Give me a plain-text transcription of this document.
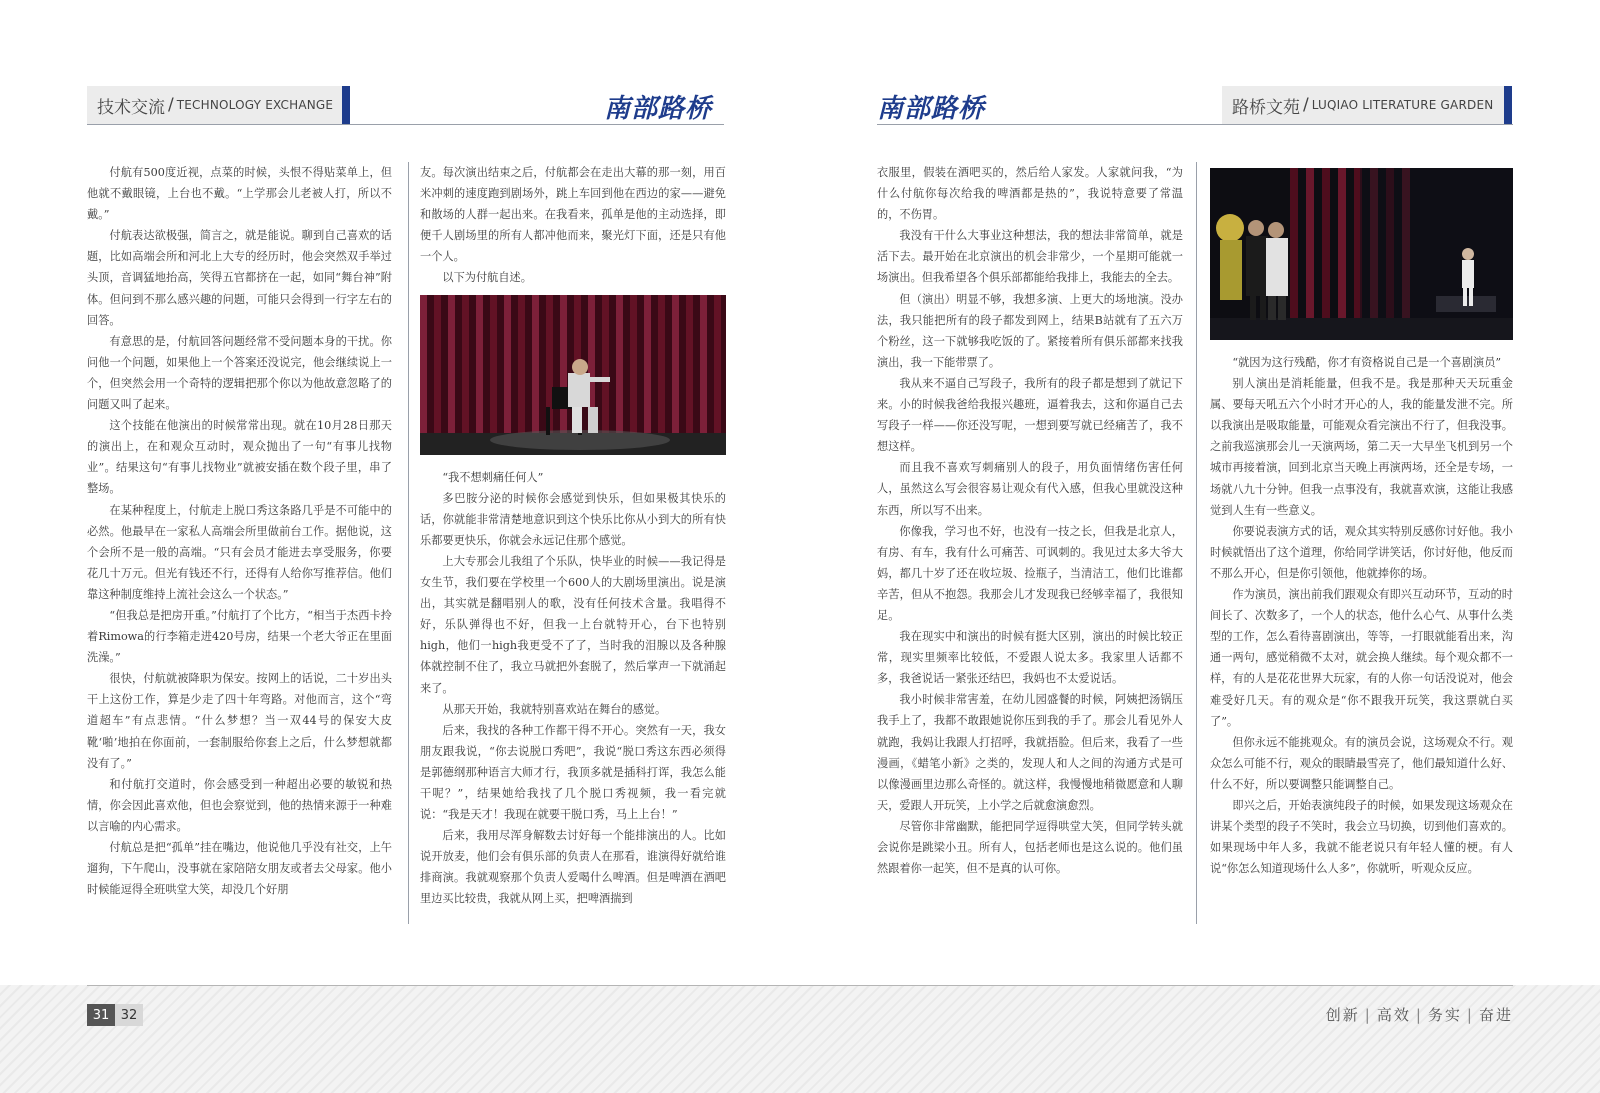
技术交流 / TECHNOLOGY EXCHANGE	南部路桥

付航有500度近视，点菜的时候，头恨不得贴菜单上，但他就不戴眼镜，上台也不戴。“上学那会儿老被人打，所以不戴。”

付航表达欲极强，简言之，就是能说。聊到自己喜欢的话题，比如高端会所和河北上大专的经历时，他会突然双手举过头顶，音调猛地抬高，笑得五官都挤在一起，如同“舞台神”附体。但问到不那么感兴趣的问题，可能只会得到一行字左右的回答。

有意思的是，付航回答问题经常不受问题本身的干扰。你问他一个问题，如果他上一个答案还没说完，他会继续说上一个，但突然会用一个奇特的逻辑把那个你以为他故意忽略了的问题又叫了起来。

这个技能在他演出的时候常常出现。就在10月28日那天的演出上，在和观众互动时，观众抛出了一句“有事儿找物业”。结果这句“有事儿找物业”就被安插在数个段子里，串了整场。

在某种程度上，付航走上脱口秀这条路几乎是不可能中的必然。他最早在一家私人高端会所里做前台工作。据他说，这个会所不是一般的高端。“只有会员才能进去享受服务，你要花几十万元。但光有钱还不行，还得有人给你写推荐信。他们靠这种制度维持上流社会这么一个状态。”

“但我总是把房开重。”付航打了个比方，“相当于杰西卡拎着Rimowa的行李箱走进420号房，结果一个老大爷正在里面洗澡。”

很快，付航就被降职为保安。按网上的话说，二十岁出头干上这份工作，算是少走了四十年弯路。对他而言，这个“弯道超车”有点悲情。“什么梦想？当一双44号的保安大皮靴‘啪’地拍在你面前，一套制服给你套上之后，什么梦想就都没有了。”

和付航打交道时，你会感受到一种超出必要的敏锐和热情，你会因此喜欢他，但也会察觉到，他的热情来源于一种难以言喻的内心需求。

付航总是把“孤单”挂在嘴边，他说他几乎没有社交，上午遛狗，下午爬山，没事就在家陪陪女朋友或者去父母家。他小时候能逗得全班哄堂大笑，却没几个好朋

友。每次演出结束之后，付航都会在走出大幕的那一刻，用百米冲刺的速度跑到剧场外，跳上车回到他在西边的家——避免和散场的人群一起出来。在我看来，孤单是他的主动选择，即便千人剧场里的所有人都冲他而来，聚光灯下面，还是只有他一个人。

以下为付航自述。

“我不想刺痛任何人”

多巴胺分泌的时候你会感觉到快乐，但如果极其快乐的话，你就能非常清楚地意识到这个快乐比你从小到大的所有快乐都要更快乐，你就会永远记住那个感觉。

上大专那会儿我组了个乐队，快毕业的时候——我记得是女生节，我们要在学校里一个600人的大剧场里演出。说是演出，其实就是翻唱别人的歌，没有任何技术含量。我唱得不好，乐队弹得也不好，但我一上台就特开心，台下也特别high，他们一high我更受不了了，当时我的泪腺以及各种腺体就控制不住了，我立马就把外套脱了，然后掌声一下就涌起来了。

从那天开始，我就特别喜欢站在舞台的感觉。

后来，我找的各种工作都干得不开心。突然有一天，我女朋友跟我说，“你去说脱口秀吧”，我说“脱口秀这东西必须得是郭德纲那种语言大师才行，我顶多就是插科打诨，我怎么能干呢？”，结果她给我找了几个脱口秀视频，我一看完就说：“我是天才！我现在就要干脱口秀，马上上台！”

后来，我用尽浑身解数去讨好每一个能排演出的人。比如说开放麦，他们会有俱乐部的负责人在那看，谁演得好就给谁排商演。我就观察那个负责人爱喝什么啤酒。但是啤酒在酒吧里边买比较贵，我就从网上买，把啤酒揣到

南部路桥	路桥文苑 / LUQIAO LITERATURE GARDEN

衣服里，假装在酒吧买的，然后给人家发。人家就问我，“为什么付航你每次给我的啤酒都是热的”，我说特意要了常温的，不伤胃。

我没有干什么大事业这种想法，我的想法非常简单，就是活下去。最开始在北京演出的机会非常少，一个星期可能就一场演出。但我希望各个俱乐部都能给我排上，我能去的全去。

但（演出）明显不够，我想多演、上更大的场地演。没办法，我只能把所有的段子都发到网上，结果B站就有了五六万个粉丝，这一下就够我吃饭的了。紧接着所有俱乐部都来找我演出，我一下能带票了。

我从来不逼自己写段子，我所有的段子都是想到了就记下来。小的时候我爸给我报兴趣班，逼着我去，这和你逼自己去写段子一样——你还没写呢，一想到要写就已经痛苦了，我不想这样。

而且我不喜欢写刺痛别人的段子，用负面情绪伤害任何人，虽然这么写会很容易让观众有代入感，但我心里就没这种东西，所以写不出来。

你像我，学习也不好，也没有一技之长，但我是北京人，有房、有车，我有什么可痛苦、可讽刺的。我见过太多大爷大妈，都几十岁了还在收垃圾、捡瓶子，当清洁工，他们比谁都辛苦，但从不抱怨。我那会儿才发现我已经够幸福了，我很知足。

我在现实中和演出的时候有挺大区别，演出的时候比较正常，现实里频率比较低，不爱跟人说太多。我家里人话都不多，我爸说话一紧张还结巴，我妈也不太爱说话。

我小时候非常害羞，在幼儿园盛餐的时候，阿姨把汤锅压我手上了，我都不敢跟她说你压到我的手了。那会儿看见外人就跑，我妈让我跟人打招呼，我就捂脸。但后来，我看了一些漫画，《蜡笔小新》之类的，发现人和人之间的沟通方式是可以像漫画里边那么奇怪的。就这样，我慢慢地稍微愿意和人聊天，爱跟人开玩笑，上小学之后就愈演愈烈。

尽管你非常幽默，能把同学逗得哄堂大笑，但同学转头就会说你是跳梁小丑。所有人，包括老师也是这么说的。他们虽然跟着你一起笑，但不是真的认可你。

“就因为这行残酷，你才有资格说自己是一个喜剧演员”

别人演出是消耗能量，但我不是。我是那种天天玩重金属、要每天吼五六个小时才开心的人，我的能量发泄不完。所以我演出是吸取能量，可能观众看完演出不行了，但我没事。之前我巡演那会儿一天演两场，第二天一大早坐飞机到另一个城市再接着演，回到北京当天晚上再演两场，还全是专场，一场就八九十分钟。但我一点事没有，我就喜欢演，这能让我感觉到人生有一些意义。

你要说表演方式的话，观众其实特别反感你讨好他。我小时候就悟出了这个道理，你给同学讲笑话，你讨好他，他反而不那么开心，但是你引领他，他就捧你的场。

作为演员，演出前我们跟观众有即兴互动环节，互动的时间长了、次数多了，一个人的状态，他什么心气、从事什么类型的工作，怎么看待喜剧演出，等等，一打眼就能看出来，沟通一两句，感觉稍微不太对，就会换人继续。每个观众都不一样，有的人是花花世界大玩家，有的人你一句话没说对，他会难受好几天。有的观众是“你不跟我开玩笑，我这票就白买了”。

但你永远不能挑观众。有的演员会说，这场观众不行。观众怎么可能不行，观众的眼睛最雪亮了，他们最知道什么好、什么不好，所以要调整只能调整自己。

即兴之后，开始表演纯段子的时候，如果发现这场观众在讲某个类型的段子不笑时，我会立马切换，切到他们喜欢的。如果现场中年人多，我就不能老说只有年轻人懂的梗。有人说“你怎么知道现场什么人多”，你就听，听观众反应。

31 32	创新 | 高效 | 务实 | 奋进
